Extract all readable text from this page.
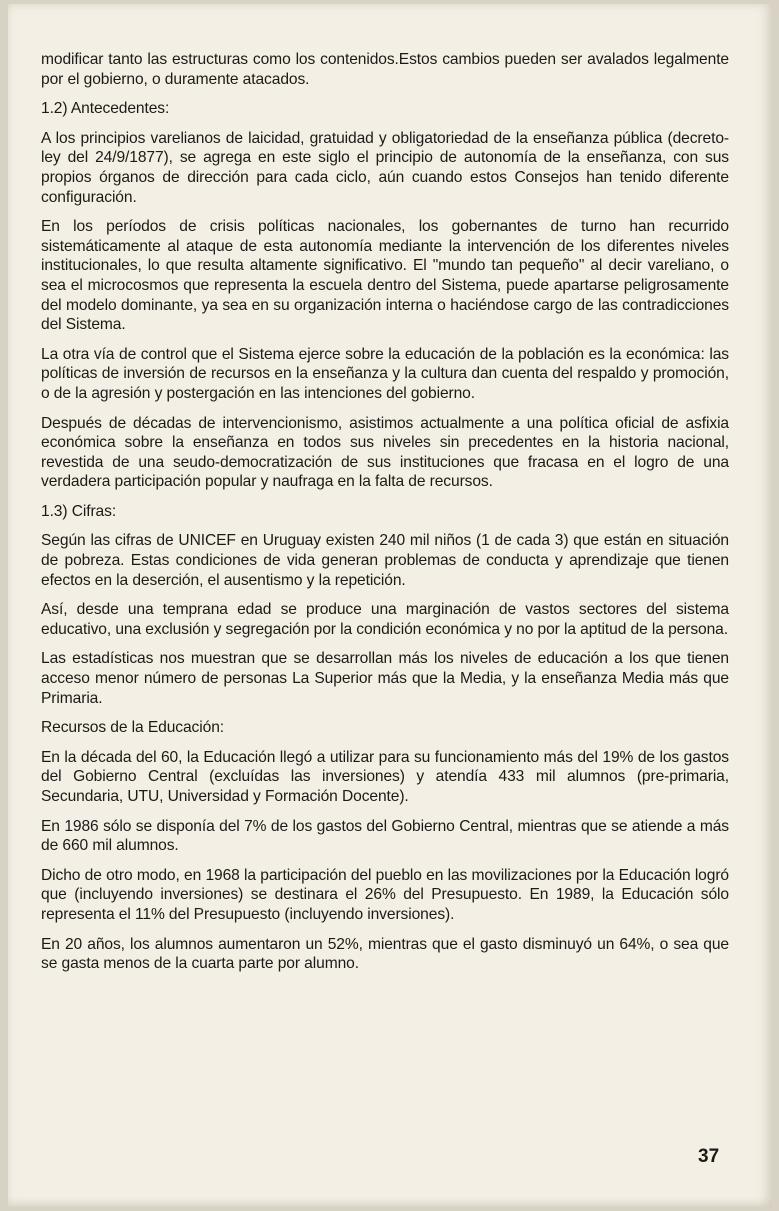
modificar tanto las estructuras como los contenidos.Estos cambios pueden ser avalados legalmente por el gobierno, o duramente atacados.

1.2) Antecedentes:

A los principios varelianos de laicidad, gratuidad y obligatoriedad de la enseñanza pública (decreto-ley del 24/9/1877), se agrega en este siglo el principio de autonomía de la enseñanza, con sus propios órganos de dirección para cada ciclo, aún cuando estos Consejos han tenido diferente configuración.

En los períodos de crisis políticas nacionales, los gobernantes de turno han recurrido sistemáticamente al ataque de esta autonomía mediante la intervención de los diferentes niveles institucionales, lo que resulta altamente significativo. El "mundo tan pequeño" al decir vareliano, o sea el microcosmos que representa la escuela dentro del Sistema, puede apartarse peligrosamente del modelo dominante, ya sea en su organización interna o haciéndose cargo de las contradicciones del Sistema.

La otra vía de control que el Sistema ejerce sobre la educación de la población es la económica: las políticas de inversión de recursos en la enseñanza y la cultura dan cuenta del respaldo y promoción, o de la agresión y postergación en las intenciones del gobierno.

Después de décadas de intervencionismo, asistimos actualmente a una política oficial de asfixia económica sobre la enseñanza en todos sus niveles sin precedentes en la historia nacional, revestida de una seudo-democratización de sus instituciones que fracasa en el logro de una verdadera participación popular y naufraga en la falta de recursos.

1.3) Cifras:

Según las cifras de UNICEF en Uruguay existen 240 mil niños (1 de cada 3) que están en situación de pobreza. Estas condiciones de vida generan problemas de conducta y aprendizaje que tienen efectos en la deserción, el ausentismo y la repetición.

Así, desde una temprana edad se produce una marginación de vastos sectores del sistema educativo, una exclusión y segregación por la condición económica y no por la aptitud de la persona.

Las estadísticas nos muestran que se desarrollan más los niveles de educación a los que tienen acceso menor número de personas La Superior más que la Media, y la enseñanza Media más que Primaria.

Recursos de la Educación:

En la década del 60, la Educación llegó a utilizar para su funcionamiento más del 19% de los gastos del Gobierno Central (excluídas las inversiones) y atendía 433 mil alumnos (pre-primaria, Secundaria, UTU, Universidad y Formación Docente).

En 1986 sólo se disponía del 7% de los gastos del Gobierno Central, mientras que se atiende a más de 660 mil alumnos.

Dicho de otro modo, en 1968 la participación del pueblo en las movilizaciones por la Educación logró que (incluyendo inversiones) se destinara el 26% del Presupuesto. En 1989, la Educación sólo representa el 11% del Presupuesto (incluyendo inversiones).

En 20 años, los alumnos aumentaron un 52%, mientras que el gasto disminuyó un 64%, o sea que se gasta menos de la cuarta parte por alumno.

37
